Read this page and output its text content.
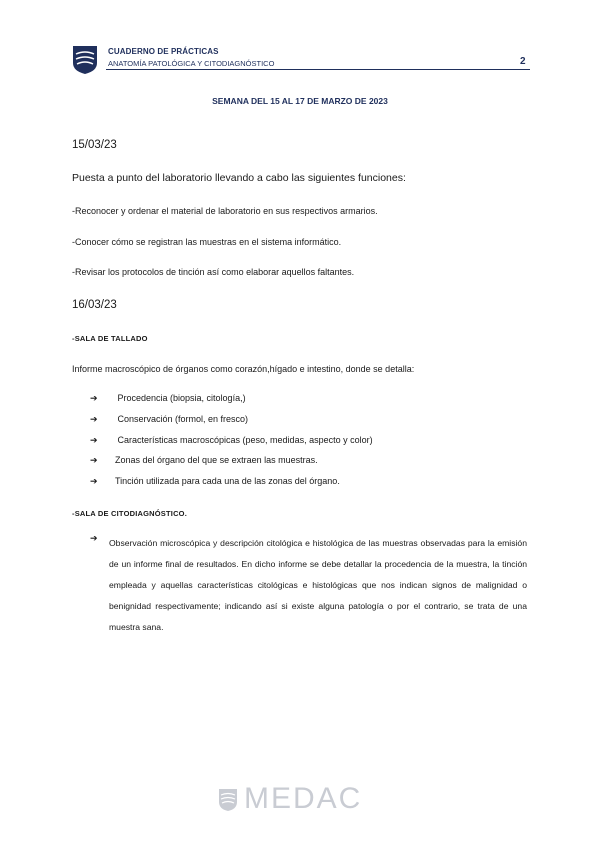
CUADERNO DE PRÁCTICAS
ANATOMÍA PATOLÓGICA Y CITODIAGNÓSTICO	2
SEMANA DEL 15 AL 17 DE MARZO DE 2023
15/03/23
Puesta a punto del laboratorio llevando a cabo las siguientes funciones:
-Reconocer y ordenar el material de laboratorio en sus respectivos armarios.
-Conocer cómo se registran las muestras en el sistema informático.
-Revisar los protocolos de tinción así como elaborar aquellos faltantes.
16/03/23
-SALA DE TALLADO
Informe macroscópico de órganos como corazón,hígado e intestino, donde se detalla:
➔ Procedencia (biopsia, citología,)
➔ Conservación (formol, en fresco)
➔ Características macroscópicas (peso, medidas, aspecto y color)
➔ Zonas del órgano del que se extraen las muestras.
➔ Tinción utilizada para cada una de las zonas del órgano.
-SALA DE CITODIAGNÓSTICO.
➔ Observación microscópica y descripción citológica e histológica de las muestras observadas para la emisión de un informe final de resultados. En dicho informe se debe detallar la procedencia de la muestra, la tinción empleada y aquellas características citológicas e histológicas que nos indican signos de malignidad o benignidad respectivamente; indicando así si existe alguna patología o por el contrario, se trata de una muestra sana.
MEDAC
